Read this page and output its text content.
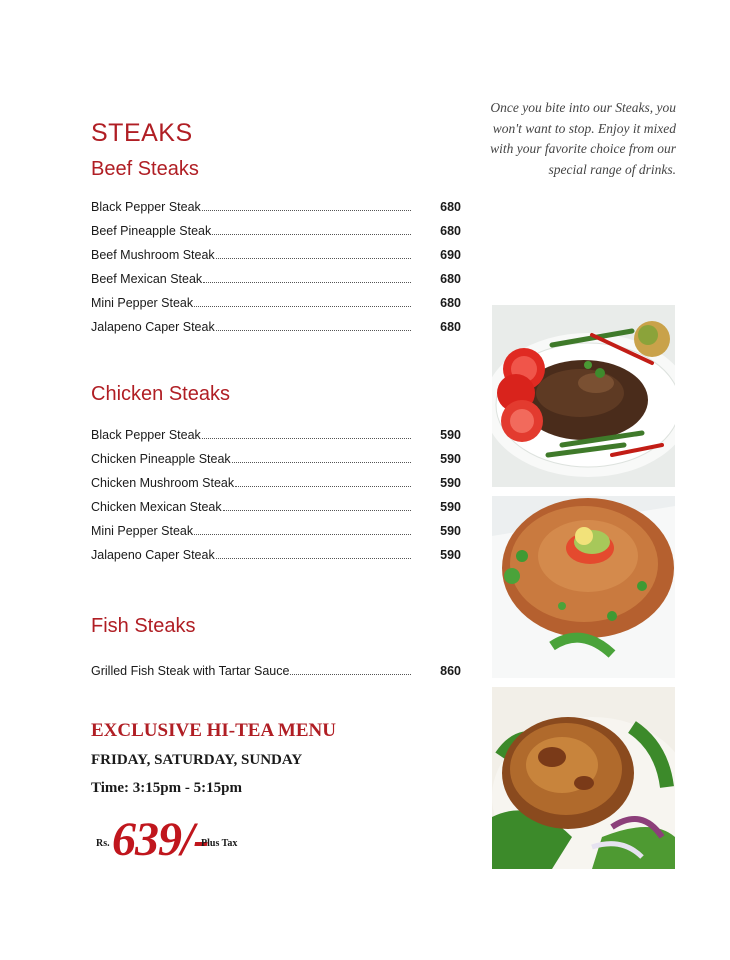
Once you bite into our Steaks, you won't want to stop. Enjoy it mixed with your favorite choice from our special range of drinks.
STEAKS
Beef Steaks
Black Pepper Steak	680
Beef Pineapple Steak	680
Beef Mushroom Steak	690
Beef Mexican Steak	680
Mini Pepper Steak	680
Jalapeno Caper Steak	680
Chicken Steaks
Black Pepper Steak	590
Chicken Pineapple Steak	590
Chicken Mushroom Steak	590
Chicken Mexican Steak	590
Mini Pepper Steak	590
Jalapeno Caper Steak	590
Fish Steaks
Grilled Fish Steak with Tartar Sauce	860
EXCLUSIVE HI-TEA MENU
FRIDAY, SATURDAY, SUNDAY
Time: 3:15pm - 5:15pm
Rs. 639/-
Plus Tax
